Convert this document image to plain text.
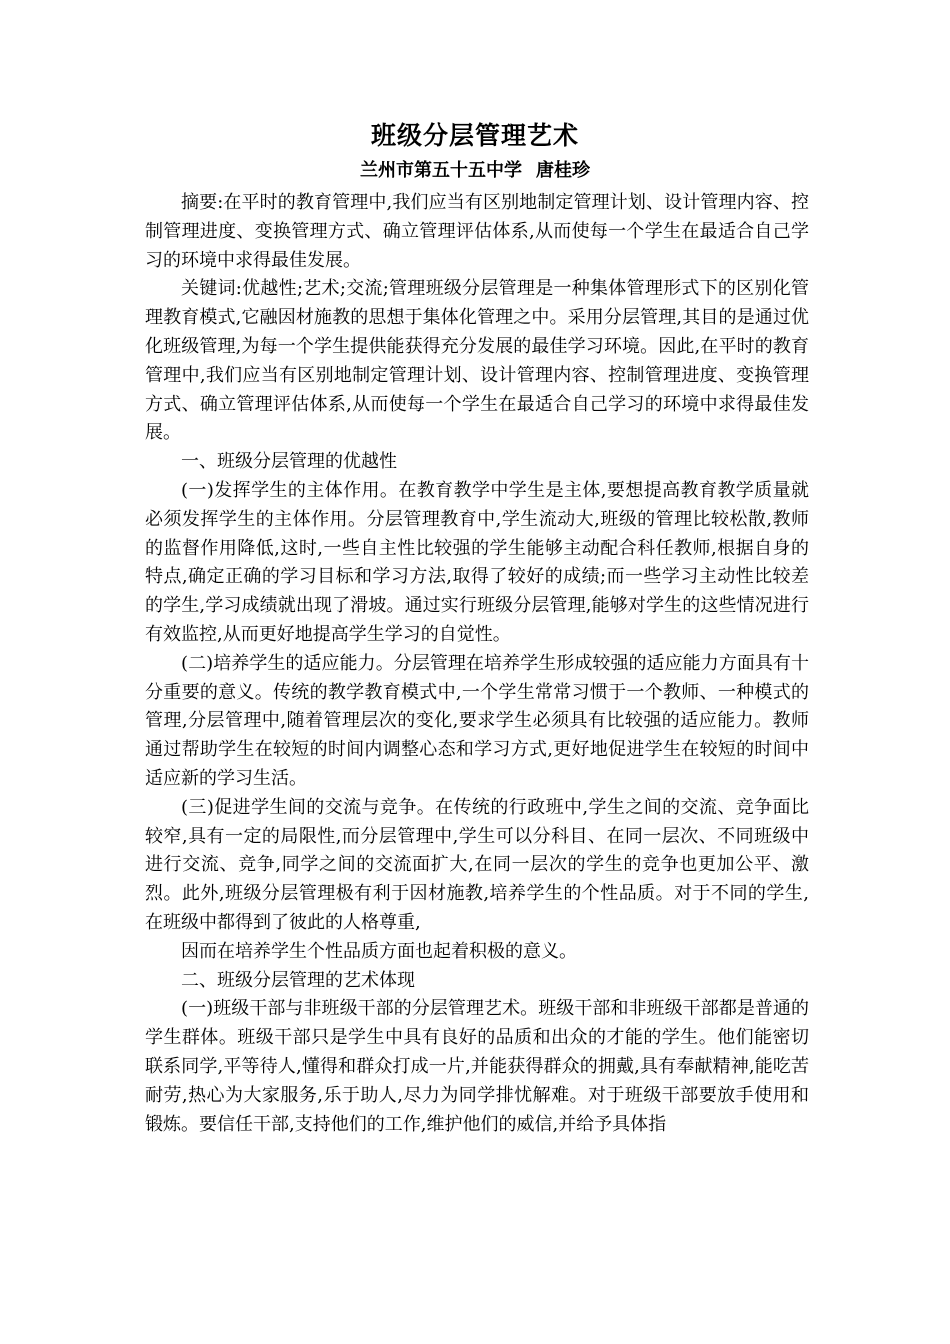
班级分层管理艺术
兰州市第五十五中学 唐桂珍

摘要:在平时的教育管理中,我们应当有区别地制定管理计划、设计管理内容、控制管理进度、变换管理方式、确立管理评估体系,从而使每一个学生在最适合自己学习的环境中求得最佳发展。

关键词:优越性;艺术;交流;管理班级分层管理是一种集体管理形式下的区别化管理教育模式,它融因材施教的思想于集体化管理之中。采用分层管理,其目的是通过优化班级管理,为每一个学生提供能获得充分发展的最佳学习环境。因此,在平时的教育管理中,我们应当有区别地制定管理计划、设计管理内容、控制管理进度、变换管理方式、确立管理评估体系,从而使每一个学生在最适合自己学习的环境中求得最佳发展。

一、班级分层管理的优越性

(一)发挥学生的主体作用。在教育教学中学生是主体,要想提高教育教学质量就必须发挥学生的主体作用。分层管理教育中,学生流动大,班级的管理比较松散,教师的监督作用降低,这时,一些自主性比较强的学生能够主动配合科任教师,根据自身的特点,确定正确的学习目标和学习方法,取得了较好的成绩;而一些学习主动性比较差的学生,学习成绩就出现了滑坡。通过实行班级分层管理,能够对学生的这些情况进行有效监控,从而更好地提高学生学习的自觉性。

(二)培养学生的适应能力。分层管理在培养学生形成较强的适应能力方面具有十分重要的意义。传统的教学教育模式中,一个学生常常习惯于一个教师、一种模式的管理,分层管理中,随着管理层次的变化,要求学生必须具有比较强的适应能力。教师通过帮助学生在较短的时间内调整心态和学习方式,更好地促进学生在较短的时间中适应新的学习生活。

(三)促进学生间的交流与竞争。在传统的行政班中,学生之间的交流、竞争面比较窄,具有一定的局限性,而分层管理中,学生可以分科目、在同一层次、不同班级中进行交流、竞争,同学之间的交流面扩大,在同一层次的学生的竞争也更加公平、激烈。此外,班级分层管理极有利于因材施教,培养学生的个性品质。对于不同的学生,在班级中都得到了彼此的人格尊重,

因而在培养学生个性品质方面也起着积极的意义。

二、班级分层管理的艺术体现

(一)班级干部与非班级干部的分层管理艺术。班级干部和非班级干部都是普通的学生群体。班级干部只是学生中具有良好的品质和出众的才能的学生。他们能密切联系同学,平等待人,懂得和群众打成一片,并能获得群众的拥戴,具有奉献精神,能吃苦耐劳,热心为大家服务,乐于助人,尽力为同学排忧解难。对于班级干部要放手使用和锻炼。要信任干部,支持他们的工作,维护他们的威信,并给予具体指
